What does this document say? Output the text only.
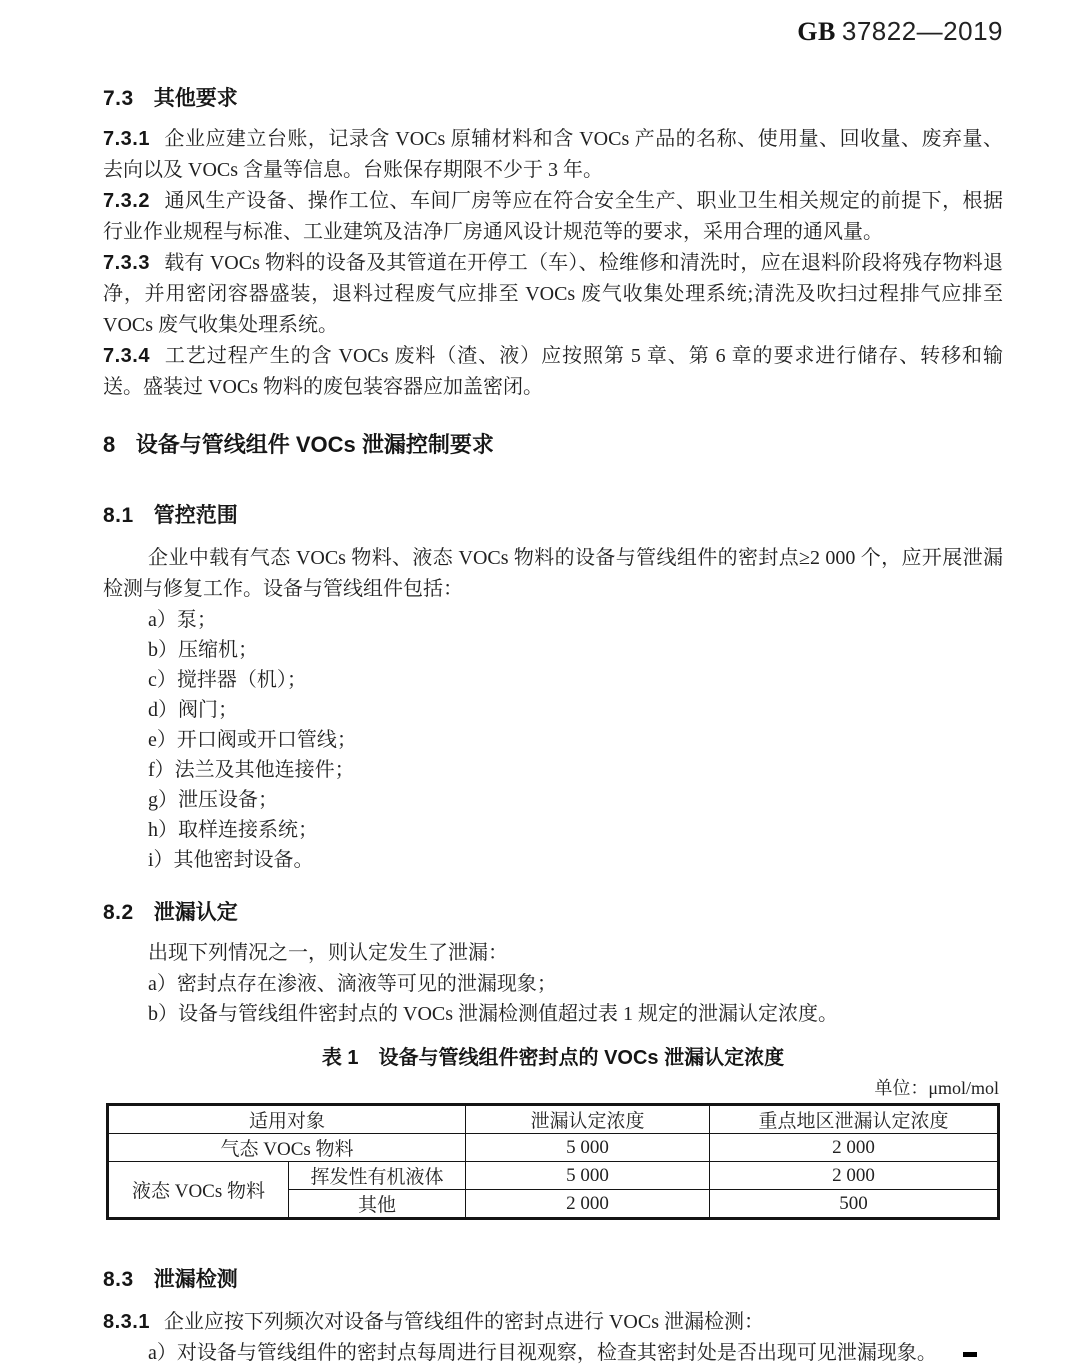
GB 37822—2019
7.3 其他要求

7.3.1 企业应建立台账，记录含 VOCs 原辅材料和含 VOCs 产品的名称、使用量、回收量、废弃量、去向以及 VOCs 含量等信息。台账保存期限不少于 3 年。

7.3.2 通风生产设备、操作工位、车间厂房等应在符合安全生产、职业卫生相关规定的前提下，根据行业作业规程与标准、工业建筑及洁净厂房通风设计规范等的要求，采用合理的通风量。

7.3.3 载有 VOCs 物料的设备及其管道在开停工（车）、检维修和清洗时，应在退料阶段将残存物料退净，并用密闭容器盛装，退料过程废气应排至 VOCs 废气收集处理系统;清洗及吹扫过程排气应排至 VOCs 废气收集处理系统。

7.3.4 工艺过程产生的含 VOCs 废料（渣、液）应按照第 5 章、第 6 章的要求进行储存、转移和输送。盛装过 VOCs 物料的废包装容器应加盖密闭。

8 设备与管线组件 VOCs 泄漏控制要求
8.1 管控范围

企业中载有气态 VOCs 物料、液态 VOCs 物料的设备与管线组件的密封点≥2 000 个，应开展泄漏检测与修复工作。设备与管线组件包括：

a）泵；

b）压缩机；

c）搅拌器（机）；

d）阀门；

e）开口阀或开口管线；

f）法兰及其他连接件；

g）泄压设备；

h）取样连接系统；

i）其他密封设备。

8.2 泄漏认定

出现下列情况之一，则认定发生了泄漏：

a）密封点存在渗液、滴液等可见的泄漏现象；

b）设备与管线组件密封点的 VOCs 泄漏检测值超过表 1 规定的泄漏认定浓度。

表 1　设备与管线组件密封点的 VOCs 泄漏认定浓度
单位：μmol/mol
适用对象		泄漏认定浓度	重点地区泄漏认定浓度
气态 VOCs 物料		5 000	2 000
液态 VOCs 物料	挥发性有机液体	5 000	2 000
	其他	2 000	500
8.3 泄漏检测

8.3.1 企业应按下列频次对设备与管线组件的密封点进行 VOCs 泄漏检测：

a）对设备与管线组件的密封点每周进行目视观察，检查其密封处是否出现可见泄漏现象。
